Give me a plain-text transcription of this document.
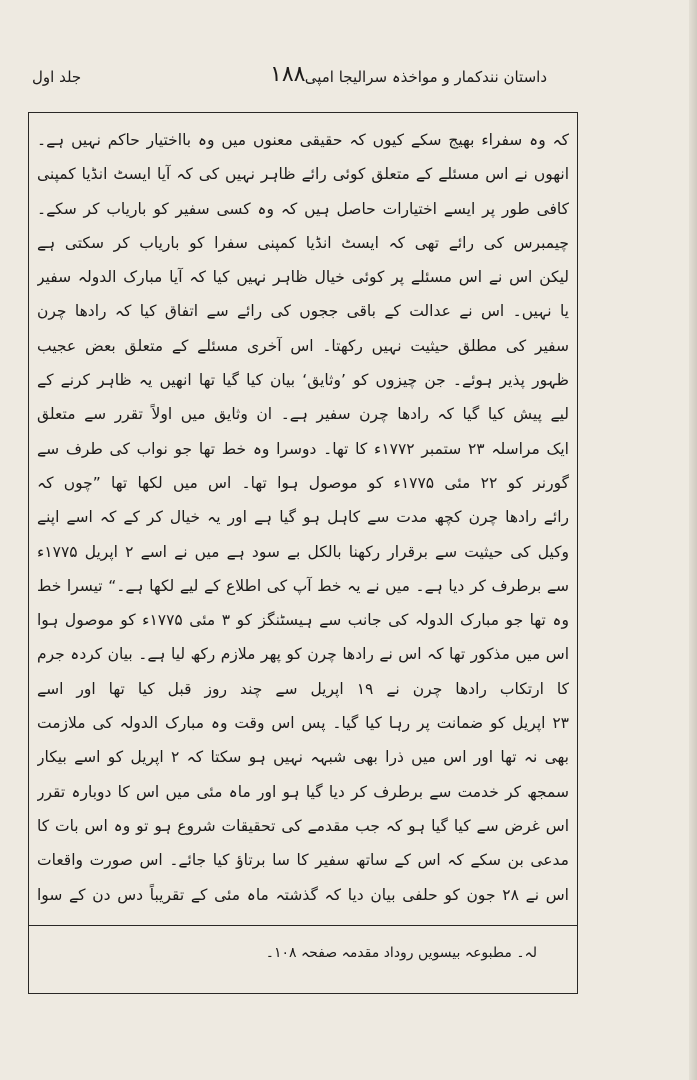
داستان نندکمار و مواخذہ سرالیجا امپی
۱۸۸
جلد اول
کہ وہ سفراء بھیج سکے کیوں کہ حقیقی معنوں میں وہ بااختیار حاکم نہیں ہے۔
انھوں نے اس مسئلے کے متعلق کوئی رائے ظاہر نہیں کی کہ آیا ایسٹ انڈیا کمپنی
کافی طور پر ایسے اختیارات حاصل ہیں کہ وہ کسی سفیر کو باریاب کر سکے۔
چیمبرس کی رائے تھی کہ ایسٹ انڈیا کمپنی سفرا کو باریاب کر سکتی ہے
لیکن اس نے اس مسئلے پر کوئی خیال ظاہر نہیں کیا کہ آیا مبارک الدولہ سفیر
یا نہیں۔ اس نے عدالت کے باقی ججوں کی رائے سے اتفاق کیا کہ رادھا چرن
سفیر کی مطلق حیثیت نہیں رکھتا۔ اس آخری مسئلے کے متعلق بعض عجیب
ظہور پذیر ہوئے۔ جن چیزوں کو ’وثایق‘ بیان کیا گیا تھا انھیں یہ ظاہر کرنے کے
لیے پیش کیا گیا کہ رادھا چرن سفیر ہے۔ ان وثایق میں اولاً تقرر سے متعلق
ایک مراسلہ ۲۳ ستمبر ۱۷۷۲ء کا تھا۔ دوسرا وہ خط تھا جو نواب کی طرف سے
گورنر کو ۲۲ مئی ۱۷۷۵ء کو موصول ہوا تھا۔ اس میں لکھا تھا ”چوں کہ
رائے رادھا چرن کچھ مدت سے کاہل ہو گیا ہے اور یہ خیال کر کے کہ اسے اپنے
وکیل کی حیثیت سے برقرار رکھنا بالکل بے سود ہے میں نے اسے ۲ اپریل ۱۷۷۵ء
سے برطرف کر دیا ہے۔ میں نے یہ خط آپ کی اطلاع کے لیے لکھا ہے۔“ تیسرا خط
وہ تھا جو مبارک الدولہ کی جانب سے ہیسٹنگز کو ۳ مئی ۱۷۷۵ء کو موصول ہوا
اس میں مذکور تھا کہ اس نے رادھا چرن کو پھر ملازم رکھ لیا ہے۔ بیان کردہ جرم
کا ارتکاب رادھا چرن نے ۱۹ اپریل سے چند روز قبل کیا تھا اور اسے
۲۳ اپریل کو ضمانت پر رہا کیا گیا۔ پس اس وقت وہ مبارک الدولہ کی ملازمت
بھی نہ تھا اور اس میں ذرا بھی شبہہ نہیں ہو سکتا کہ ۲ اپریل کو اسے بیکار
سمجھ کر خدمت سے برطرف کر دیا گیا ہو اور ماہ مئی میں اس کا دوبارہ تقرر
اس غرض سے کیا گیا ہو کہ جب مقدمے کی تحقیقات شروع ہو تو وہ اس بات کا
مدعی بن سکے کہ اس کے ساتھ سفیر کا سا برتاؤ کیا جائے۔ اس صورت واقعات
اس نے ۲۸ جون کو حلفی بیان دیا کہ گذشتہ ماہ مئی کے تقریباً دس دن کے سوا
لہ۔ مطبوعہ بیسویں روداد مقدمہ صفحہ ۱۰۸۔
